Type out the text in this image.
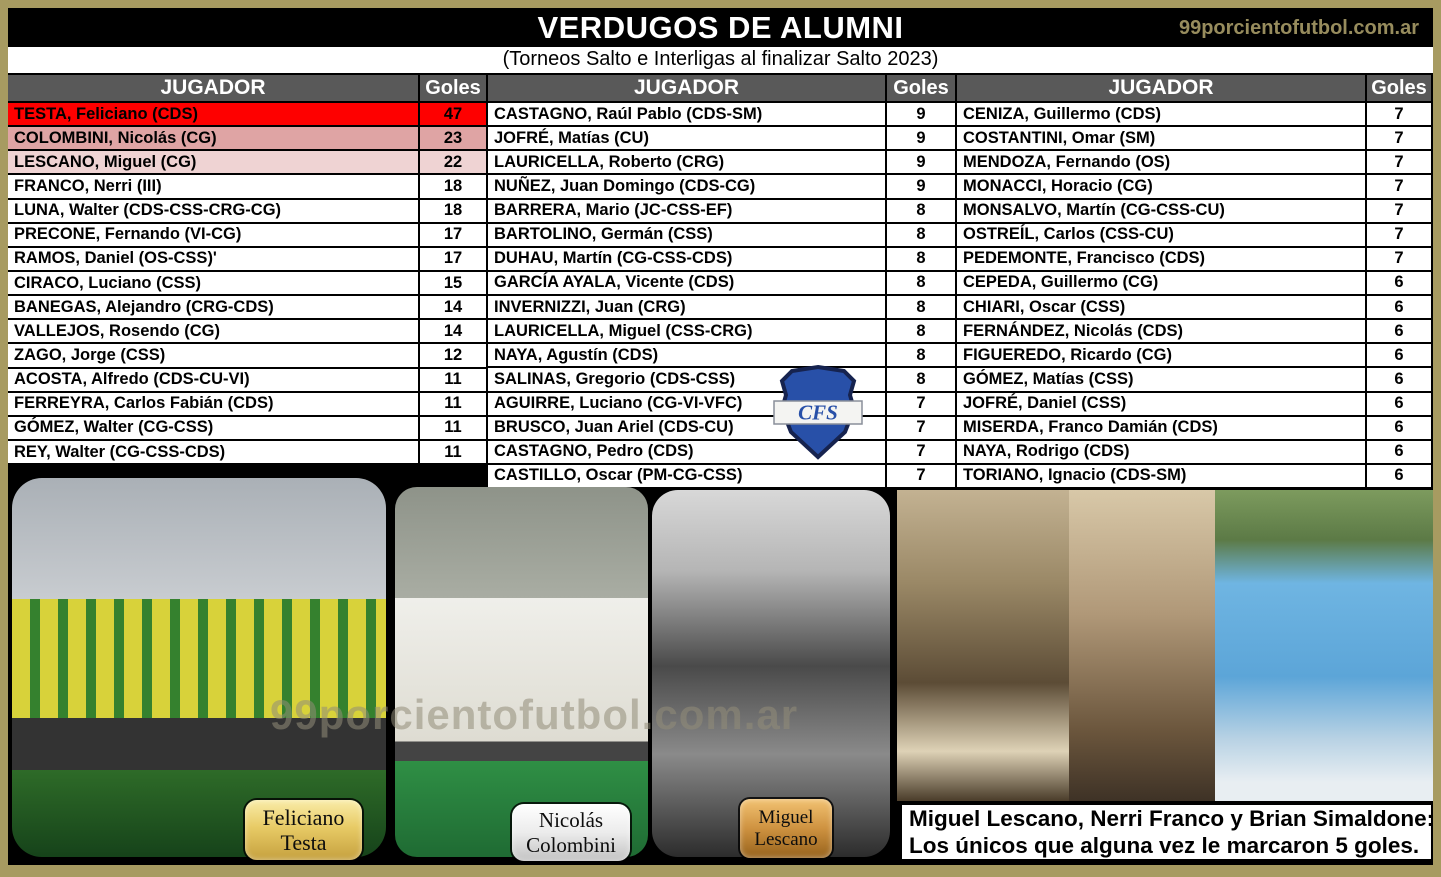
VERDUGOS DE ALUMNI	99porcientofutbol.com.ar
(Torneos Salto e Interligas al finalizar Salto 2023)
JUGADOR	Goles
TESTA, Feliciano (CDS)	47
COLOMBINI, Nicolás (CG)	23
LESCANO, Miguel (CG)	22
FRANCO, Nerri (III)	18
LUNA, Walter (CDS-CSS-CRG-CG)	18
PRECONE, Fernando (VI-CG)	17
RAMOS, Daniel (OS-CSS)'	17
CIRACO, Luciano (CSS)	15
BANEGAS, Alejandro (CRG-CDS)	14
VALLEJOS, Rosendo (CG)	14
ZAGO, Jorge (CSS)	12
ACOSTA, Alfredo (CDS-CU-VI)	11
FERREYRA, Carlos Fabián (CDS)	11
GÓMEZ, Walter (CG-CSS)	11
REY, Walter (CG-CSS-CDS)	11
JUGADOR	Goles
CASTAGNO, Raúl Pablo (CDS-SM)	9
JOFRÉ, Matías (CU)	9
LAURICELLA, Roberto (CRG)	9
NUÑEZ, Juan Domingo (CDS-CG)	9
BARRERA, Mario (JC-CSS-EF)	8
BARTOLINO, Germán (CSS)	8
DUHAU, Martín (CG-CSS-CDS)	8
GARCÍA AYALA, Vicente (CDS)	8
INVERNIZZI, Juan (CRG)	8
LAURICELLA, Miguel (CSS-CRG)	8
NAYA, Agustín (CDS)	8
SALINAS, Gregorio (CDS-CSS)	8
AGUIRRE, Luciano (CG-VI-VFC)	7
BRUSCO, Juan Ariel (CDS-CU)	7
CASTAGNO, Pedro (CDS)	7
CASTILLO, Oscar (PM-CG-CSS)	7
JUGADOR	Goles
CENIZA, Guillermo (CDS)	7
COSTANTINI, Omar (SM)	7
MENDOZA, Fernando (OS)	7
MONACCI, Horacio (CG)	7
MONSALVO, Martín (CG-CSS-CU)	7
OSTREÍL, Carlos (CSS-CU)	7
PEDEMONTE, Francisco (CDS)	7
CEPEDA, Guillermo (CG)	6
CHIARI, Oscar (CSS)	6
FERNÁNDEZ, Nicolás (CDS)	6
FIGUEREDO, Ricardo (CG)	6
GÓMEZ, Matías (CSS)	6
JOFRÉ, Daniel (CSS)	6
MISERDA, Franco Damián (CDS)	6
NAYA, Rodrigo (CDS)	6
TORIANO, Ignacio (CDS-SM)	6
CFS
99porcientofutbol.com.ar
Feliciano
Testa
Nicolás
Colombini
Miguel
Lescano
Miguel Lescano, Nerri Franco y Brian Simaldone:
Los únicos que alguna vez le marcaron 5 goles.
